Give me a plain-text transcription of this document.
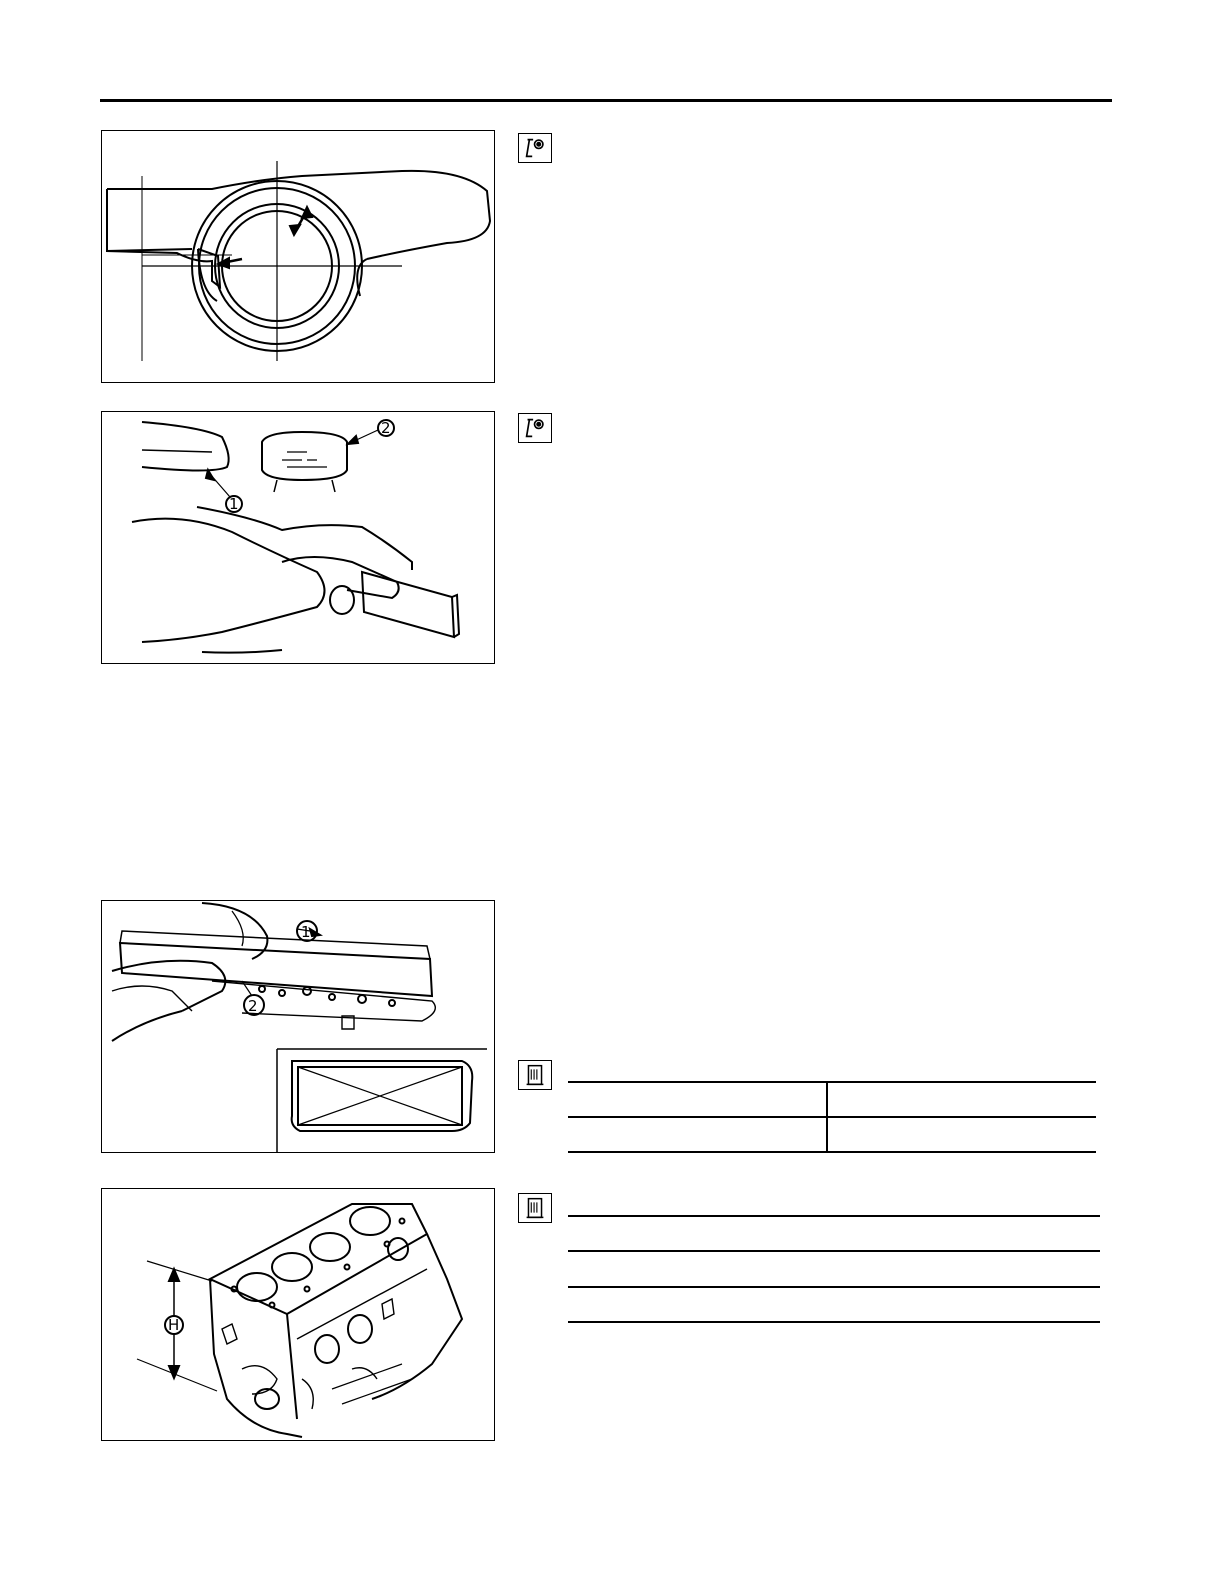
1
2
1
2
H
